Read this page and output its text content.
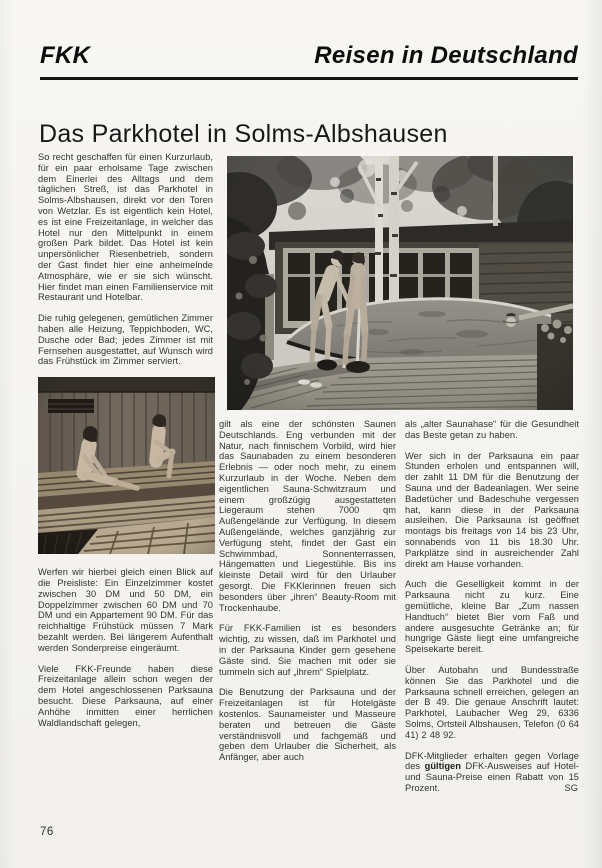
FKK	Reisen in Deutschland
Das Parkhotel in Solms-Albshausen

So recht geschaffen für einen Kurzurlaub, für ein paar erholsame Tage zwischen dem Einerlei des Alltags und dem täglichen Streß, ist das Parkhotel in Solms-Albshausen, direkt vor den Toren von Wetzlar. Es ist eigentlich kein Hotel, es ist eine Freizeitanlage, in welcher das Hotel nur den Mittelpunkt in einem großen Park bildet. Das Hotel ist kein unpersönlicher Riesenbetrieb, sondern der Gast findet hier eine anheimelnde Atmosphäre, wie er sie sich wünscht. Hier findet man einen Familienservice mit Restaurant und Hotelbar.

Die ruhig gelegenen, gemütlichen Zimmer haben alle Heizung, Teppichboden, WC, Dusche oder Bad; jedes Zimmer ist mit Fernsehen ausgestattet, auf Wunsch wird das Frühstück im Zimmer serviert.

Werfen wir hierbei gleich einen Blick auf die Preisliste: Ein Einzelzimmer kostet zwischen 30 DM und 50 DM, ein Doppelzimmer zwischen 60 DM und 70 DM und ein Appartement 90 DM. Für das reichhaltige Frühstück müssen 7 Mark bezahlt werden. Bei längerem Aufenthalt werden Sonderpreise eingeräumt.

Viele FKK-Freunde haben diese Freizeitanlage allein schon wegen der dem Hotel angeschlossenen Parksauna besucht. Diese Parksauna, auf einer Anhöhe inmitten einer herrlichen Waldlandschaft gelegen,

gilt als eine der schönsten Saunen Deutschlands. Eng verbunden mit der Natur, nach finnischem Vorbild, wird hier das Saunabaden zu einem besonderen Erlebnis — oder noch mehr, zu einem Kurzurlaub in der Woche. Neben dem eigentlichen Sauna-Schwitzraum und einem großzügig ausgestatteten Liegeraum stehen 7000 qm Außengelände zur Verfügung. In diesem Außengelände, welches ganzjährig zur Verfügung steht, findet der Gast ein Schwimmbad, Sonnenterrassen, Hängematten und Liegestühle. Bis ins kleinste Detail wird für den Urlauber gesorgt. Die FKKlerinnen freuen sich besonders über „ihren“ Beauty-Room mit Trockenhaube.

Für FKK-Familien ist es besonders wichtig, zu wissen, daß im Parkhotel und in der Parksauna Kinder gern gesehene Gäste sind. Sie machen mit oder sie tummeln sich auf „ihrem“ Spielplatz.

Die Benutzung der Parksauna und der Freizeitanlagen ist für Hotelgäste kostenlos. Saunameister und Masseure beraten und betreuen die Gäste verständnisvoll und fachgemäß und geben dem Urlauber die Sicherheit, als Anfänger, aber auch

als „alter Saunahase“ für die Gesundheit das Beste getan zu haben.

Wer sich in der Parksauna ein paar Stunden erholen und entspannen will, der zahlt 11 DM für die Benutzung der Sauna und der Badeanlagen. Wer seine Badetücher und Badeschuhe vergessen hat, kann diese in der Parksauna ausleihen. Die Parksauna ist geöffnet montags bis freitags von 14 bis 23 Uhr, sonnabends von 11 bis 18.30 Uhr. Parkplätze sind in ausreichender Zahl direkt am Hause vorhanden.

Auch die Geselligkeit kommt in der Parksauna nicht zu kurz. Eine gemütliche, kleine Bar „Zum nassen Handtuch“ bietet Bier vom Faß und andere ausgesuchte Getränke an; für hungrige Gäste liegt eine umfangreiche Speisekarte bereit.

Über Autobahn und Bundesstraße können Sie das Parkhotel und die Parksauna schnell erreichen, gelegen an der B 49. Die genaue Anschrift lautet: Parkhotel, Laubacher Weg 29, 6336 Solms, Ortsteil Albshausen, Telefon (0 64 41) 2 48 92.

DFK-Mitglieder erhalten gegen Vorlage des gültigen DFK-Ausweises auf Hotel- und Sauna-Preise einen Rabatt von 15 Prozent.	SG

76
